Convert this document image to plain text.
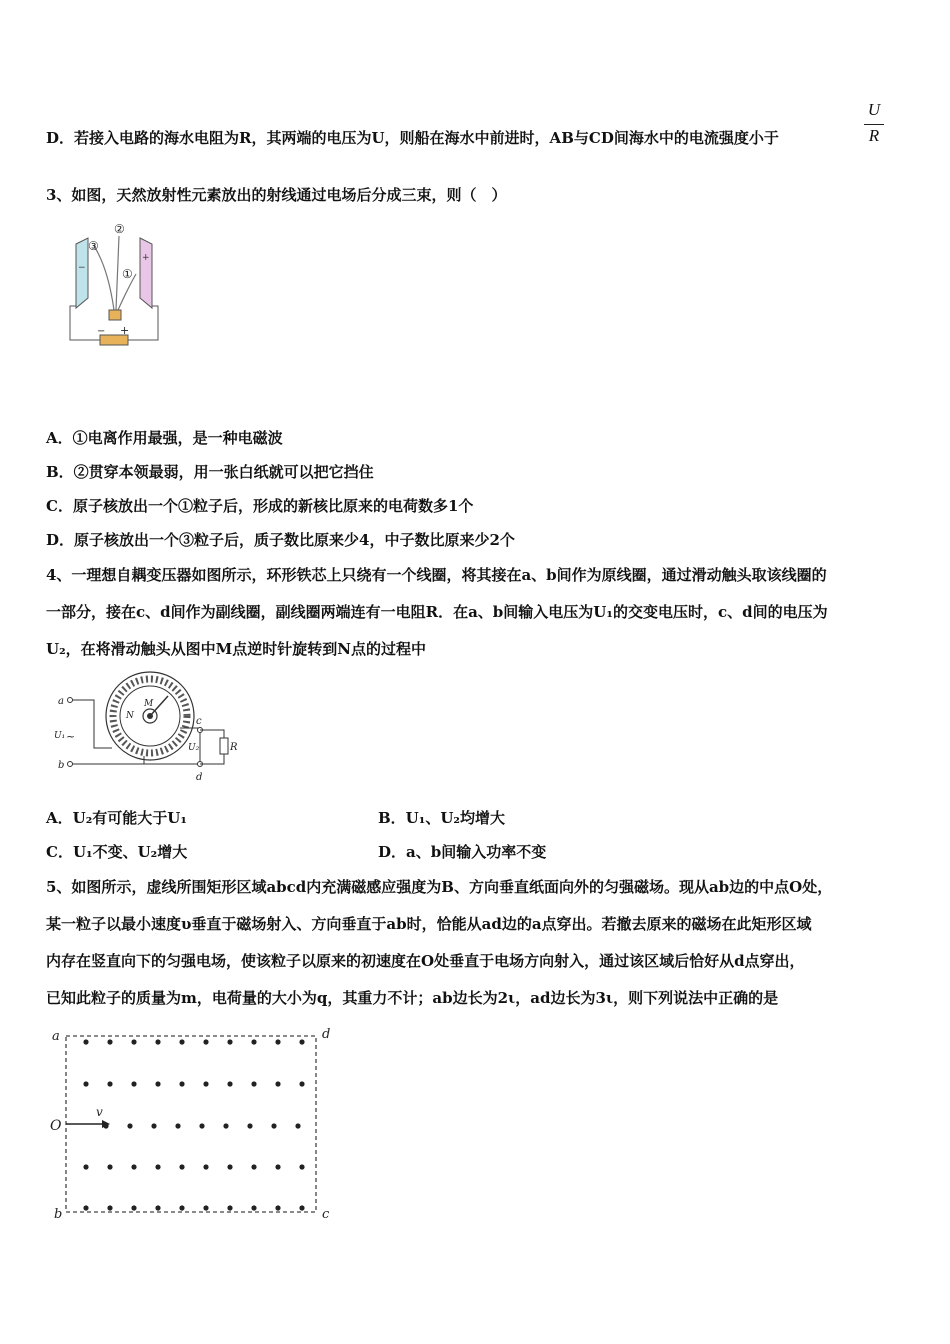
D．若接入电路的海水电阻为R，其两端的电压为U，则船在海水中前进时，AB与CD间海水中的电流强度小于
U
R
3、如图，天然放射性元素放出的射线通过电场后分成三束，则（　）
− +
②
③
①
−
+
A．①电离作用最强，是一种电磁波
B．②贯穿本领最弱，用一张白纸就可以把它挡住
C．原子核放出一个①粒子后，形成的新核比原来的电荷数多1个
D．原子核放出一个③粒子后，质子数比原来少4，中子数比原来少2个
4、一理想自耦变压器如图所示，环形铁芯上只绕有一个线圈，将其接在a、b间作为原线圈，通过滑动触头取该线圈的
一部分，接在c、d间作为副线圈，副线圈两端连有一电阻R．在a、b间输入电压为U₁的交变电压时，c、d间的电压为
U₂，在将滑动触头从图中M点逆时针旋转到N点的过程中
M
N
a
b
U₁ ~
c
d
U₂	R
A．U₂有可能大于U₁	B．U₁、U₂均增大
C．U₁不变、U₂增大	D．a、b间输入功率不变
5、如图所示，虚线所围矩形区域abcd内充满磁感应强度为B、方向垂直纸面向外的匀强磁场。现从ab边的中点O处，
某一粒子以最小速度υ垂直于磁场射入、方向垂直于ab时，恰能从ad边的a点穿出。若撤去原来的磁场在此矩形区域
内存在竖直向下的匀强电场，使该粒子以原来的初速度在O处垂直于电场方向射入，通过该区域后恰好从d点穿出，
已知此粒子的质量为m，电荷量的大小为q，其重力不计；ab边长为2ι，ad边长为3ι，则下列说法中正确的是
v
O
a
b	c
d
